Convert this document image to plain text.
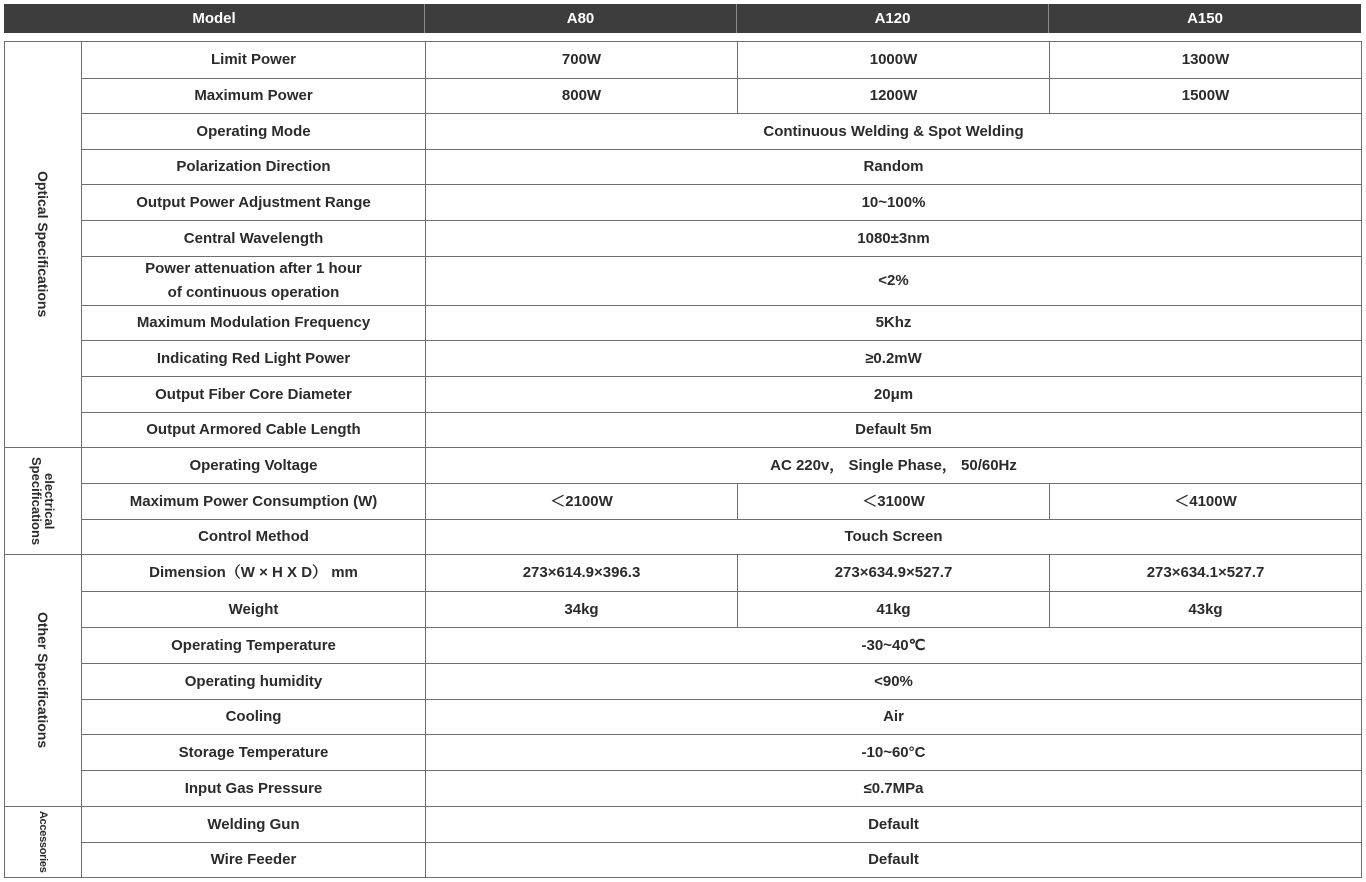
Model	A80	A120	A150
Optical Specifications	Limit Power	700W	1000W	1300W
	Maximum Power	800W	1200W	1500W
	Operating Mode	Continuous Welding & Spot Welding		
	Polarization Direction	Random		
	Output Power Adjustment Range	10~100%		
	Central Wavelength	1080±3nm		
	Power attenuation after 1 hour
of continuous operation	<2%		
	Maximum Modulation Frequency	5Khz		
	Indicating Red Light Power	≥0.2mW		
	Output Fiber Core Diameter	20μm		
	Output Armored Cable Length	Default 5m		

electrical
Specifications	Operating Voltage	AC 220v， Single Phase， 50/60Hz		
	Maximum Power Consumption (W)	＜2100W	＜3100W	＜4100W
	Control Method	Touch Screen		

Other Specifications	Dimension（W × H X D） mm	273×614.9×396.3	273×634.9×527.7	273×634.1×527.7
	Weight	34kg	41kg	43kg
	Operating Temperature	-30~40℃		
	Operating humidity	<90%		
	Cooling	Air		
	Storage Temperature	-10~60°C		
	Input Gas Pressure	≤0.7MPa		

Accessories	Welding Gun	Default		
	Wire Feeder	Default		
